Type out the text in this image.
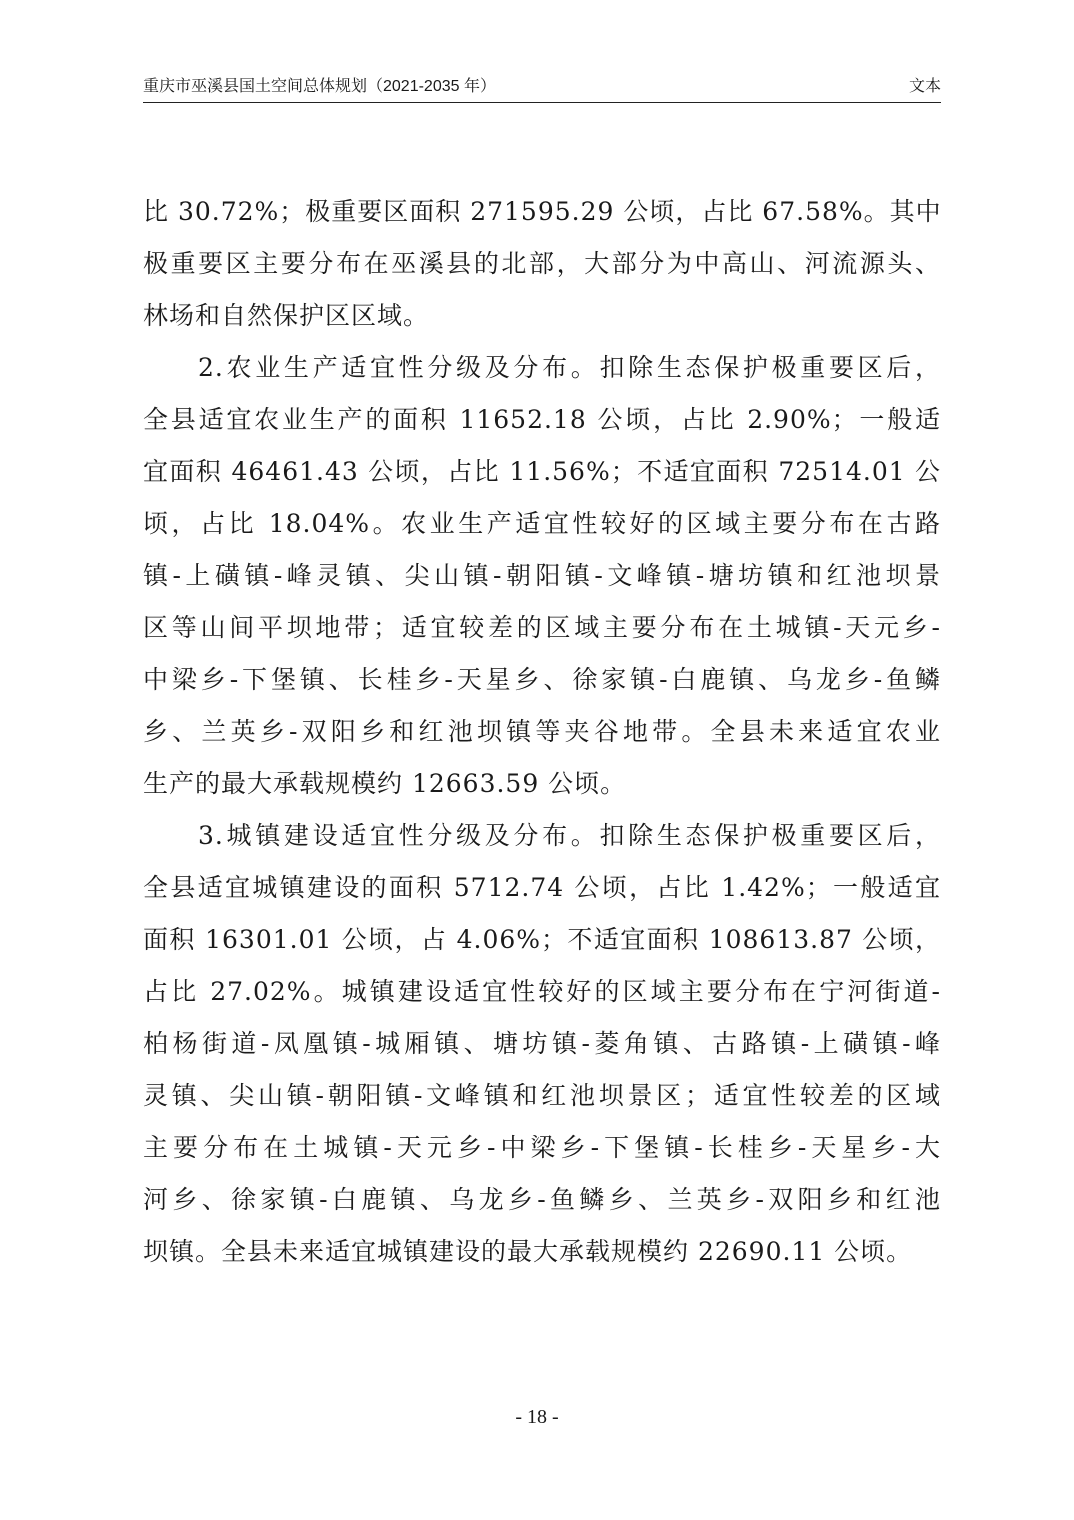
重庆市巫溪县国土空间总体规划（2021-2035 年）	文本
比 30.72%；极重要区面积 271595.29 公顷，占比 67.58%。其中
极重要区主要分布在巫溪县的北部，大部分为中高山、河流源头、
林场和自然保护区区域。
2.农业生产适宜性分级及分布。扣除生态保护极重要区后，
全县适宜农业生产的面积 11652.18 公顷，占比 2.90%；一般适
宜面积 46461.43 公顷，占比 11.56%；不适宜面积 72514.01 公
顷，占比 18.04%。农业生产适宜性较好的区域主要分布在古路
镇-上磺镇-峰灵镇、尖山镇-朝阳镇-文峰镇-塘坊镇和红池坝景
区等山间平坝地带；适宜较差的区域主要分布在土城镇-天元乡-
中梁乡-下堡镇、长桂乡-天星乡、徐家镇-白鹿镇、乌龙乡-鱼鳞
乡、兰英乡-双阳乡和红池坝镇等夹谷地带。全县未来适宜农业
生产的最大承载规模约 12663.59 公顷。
3.城镇建设适宜性分级及分布。扣除生态保护极重要区后，
全县适宜城镇建设的面积 5712.74 公顷，占比 1.42%；一般适宜
面积 16301.01 公顷，占 4.06%；不适宜面积 108613.87 公顷，
占比 27.02%。城镇建设适宜性较好的区域主要分布在宁河街道-
柏杨街道-凤凰镇-城厢镇、塘坊镇-菱角镇、古路镇-上磺镇-峰
灵镇、尖山镇-朝阳镇-文峰镇和红池坝景区；适宜性较差的区域
主要分布在土城镇-天元乡-中梁乡-下堡镇-长桂乡-天星乡-大
河乡、徐家镇-白鹿镇、乌龙乡-鱼鳞乡、兰英乡-双阳乡和红池
坝镇。全县未来适宜城镇建设的最大承载规模约 22690.11 公顷。
- 18 -
